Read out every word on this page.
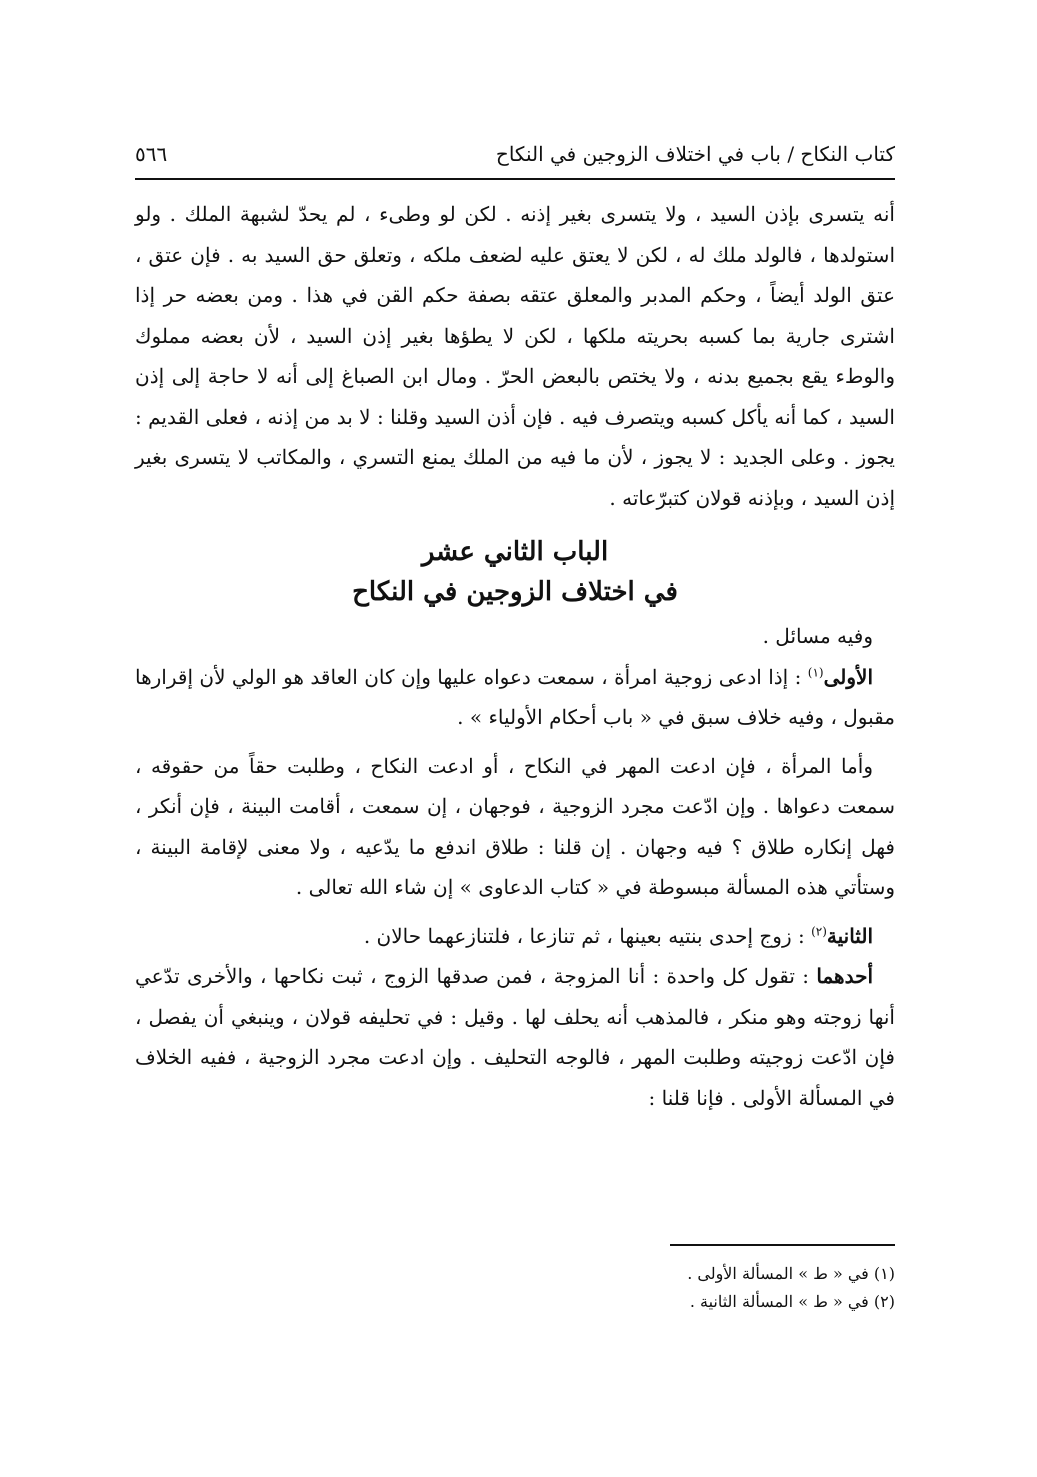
كتاب النكاح / باب في اختلاف الزوجين في النكاح
٥٦٦

أنه يتسرى بإذن السيد ، ولا يتسرى بغير إذنه . لكن لو وطىء ، لم يحدّ لشبهة الملك . ولو استولدها ، فالولد ملك له ، لكن لا يعتق عليه لضعف ملكه ، وتعلق حق السيد به . فإن عتق ، عتق الولد أيضاً ، وحكم المدبر والمعلق عتقه بصفة حكم القن في هذا . ومن بعضه حر إذا اشترى جارية بما كسبه بحريته ملكها ، لكن لا يطؤها بغير إذن السيد ، لأن بعضه مملوك والوطء يقع بجميع بدنه ، ولا يختص بالبعض الحرّ . ومال ابن الصباغ إلى أنه لا حاجة إلى إذن السيد ، كما أنه يأكل كسبه ويتصرف فيه . فإن أذن السيد وقلنا : لا بد من إذنه ، فعلى القديم : يجوز . وعلى الجديد : لا يجوز ، لأن ما فيه من الملك يمنع التسري ، والمكاتب لا يتسرى بغير إذن السيد ، وبإذنه قولان كتبرّعاته .

الباب الثاني عشر
في اختلاف الزوجين في النكاح

وفيه مسائل .

الأولى$^{(١)}$ : إذا ادعى زوجية امرأة ، سمعت دعواه عليها وإن كان العاقد هو الولي لأن إقرارها مقبول ، وفيه خلاف سبق في « باب أحكام الأولياء » .

وأما المرأة ، فإن ادعت المهر في النكاح ، أو ادعت النكاح ، وطلبت حقاً من حقوقه ، سمعت دعواها . وإن ادّعت مجرد الزوجية ، فوجهان ، إن سمعت ، أقامت البينة ، فإن أنكر ، فهل إنكاره طلاق ؟ فيه وجهان . إن قلنا : طلاق اندفع ما يدّعيه ، ولا معنى لإقامة البينة ، وستأتي هذه المسألة مبسوطة في « كتاب الدعاوى » إن شاء الله تعالى .

الثانية$^{(٢)}$ : زوج إحدى بنتيه بعينها ، ثم تنازعا ، فلتنازعهما حالان .

أحدهما : تقول كل واحدة : أنا المزوجة ، فمن صدقها الزوج ، ثبت نكاحها ، والأخرى تدّعي أنها زوجته وهو منكر ، فالمذهب أنه يحلف لها . وقيل : في تحليفه قولان ، وينبغي أن يفصل ، فإن ادّعت زوجيته وطلبت المهر ، فالوجه التحليف . وإن ادعت مجرد الزوجية ، ففيه الخلاف في المسألة الأولى . فإنا قلنا :

(١) في « ط » المسألة الأولى .

(٢) في « ط » المسألة الثانية .
